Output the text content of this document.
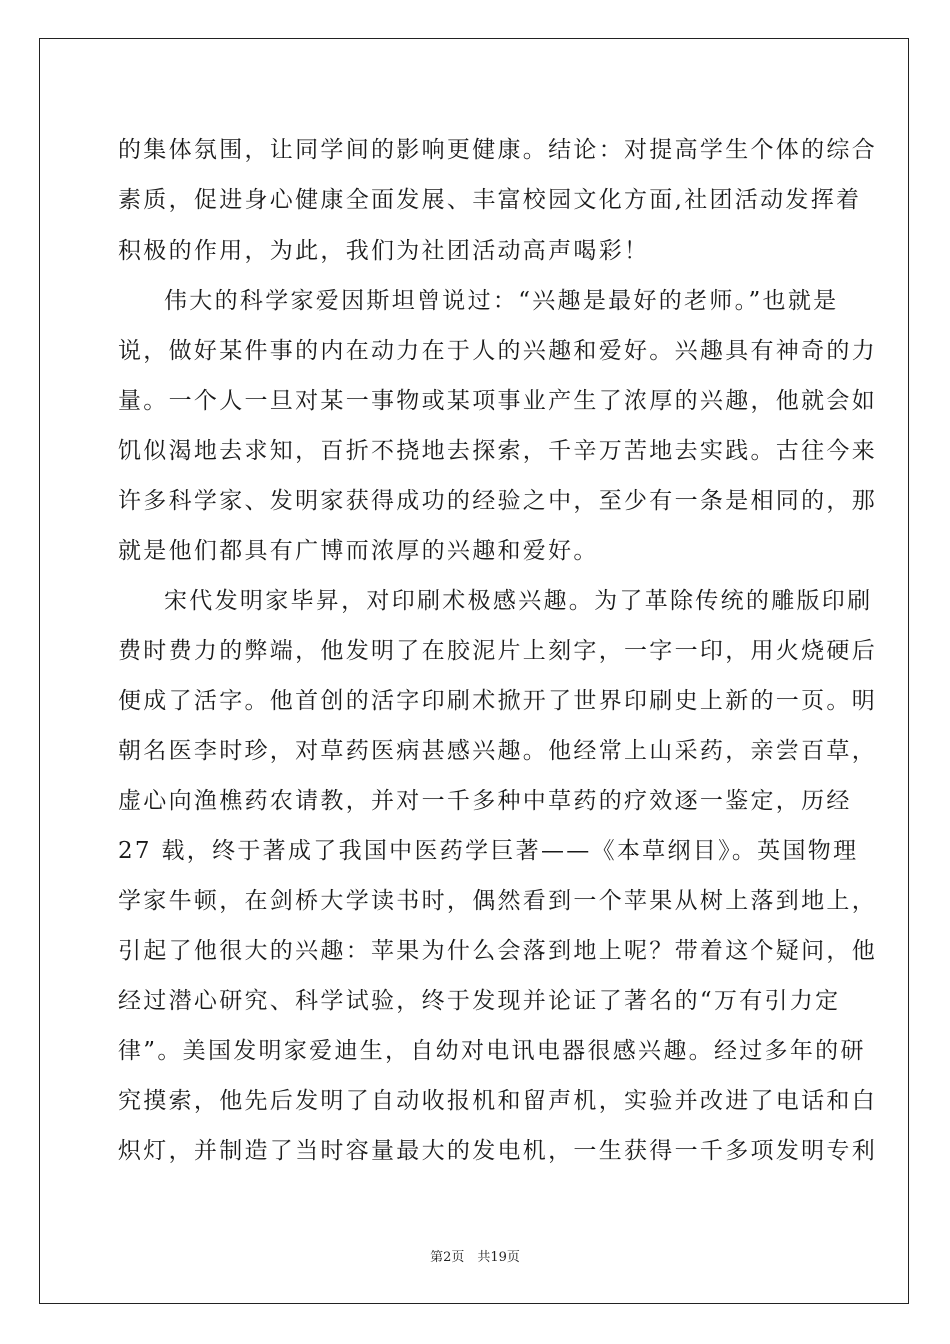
的集体氛围，让同学间的影响更健康。结论：对提高学生个体的综合
素质，促进身心健康全面发展、丰富校园文化方面,社团活动发挥着
积极的作用，为此，我们为社团活动高声喝彩！
伟大的科学家爱因斯坦曾说过：“兴趣是最好的老师。”也就是
说，做好某件事的内在动力在于人的兴趣和爱好。兴趣具有神奇的力
量。一个人一旦对某一事物或某项事业产生了浓厚的兴趣，他就会如
饥似渴地去求知，百折不挠地去探索，千辛万苦地去实践。古往今来
许多科学家、发明家获得成功的经验之中，至少有一条是相同的，那
就是他们都具有广博而浓厚的兴趣和爱好。
宋代发明家毕昇，对印刷术极感兴趣。为了革除传统的雕版印刷
费时费力的弊端，他发明了在胶泥片上刻字，一字一印，用火烧硬后
便成了活字。他首创的活字印刷术掀开了世界印刷史上新的一页。明
朝名医李时珍，对草药医病甚感兴趣。他经常上山采药，亲尝百草，
虚心向渔樵药农请教，并对一千多种中草药的疗效逐一鉴定，历经
27 载，终于著成了我国中医药学巨著——《本草纲目》。英国物理
学家牛顿，在剑桥大学读书时，偶然看到一个苹果从树上落到地上，
引起了他很大的兴趣：苹果为什么会落到地上呢？带着这个疑问，他
经过潜心研究、科学试验，终于发现并论证了著名的“万有引力定
律”。美国发明家爱迪生，自幼对电讯电器很感兴趣。经过多年的研
究摸索，他先后发明了自动收报机和留声机，实验并改进了电话和白
炽灯，并制造了当时容量最大的发电机，一生获得一千多项发明专利
第2页　共19页
